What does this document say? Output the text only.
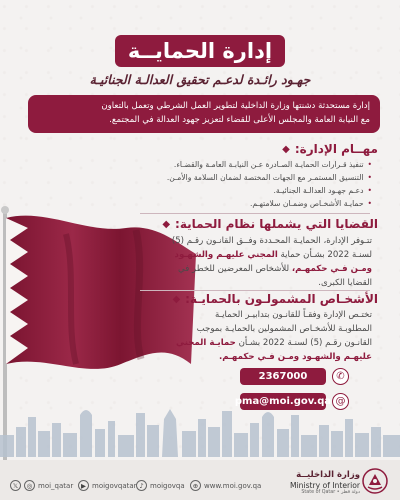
إدارة الحمايــة
جهـود رائـدة لدعـم تحقيق العدالـة الجنائيـة
إدارة مستحدثة دشنتها وزارة الداخلية لتطوير العمل الشرطي وتعمل بالتعاون
مع النيابة العامة والمجلس الأعلى للقضاء لتعزيز جهود العدالة في المجتمع.
◆ مهــام الإدارة:
•
تنفيذ قـرارات الحمايـة الصـادرة عـن النيابـة العامـة والقضـاء.
•
التنسيق المستمـر مع الجهات المختصة لضمان السلامة والأمـن.
•
دعـم جهـود العدالـة الجنائيـة.
•
حمايـة الأشخـاص وضمـان سلامتهـم.
◆ القضايا التي يشملها نظام الحماية:
تتـوفر الإدارة، الحمايـة المحـددة وفــق القانـون رقـم (5)
لسنـة 2022 بشـأن حماية المجني عليهـم والشهـود
ومـن فـي حكمهـم، للأشخاص المعرضين للخطر في
القضايا الكبرى.
◆ الأشخـاص المشمولـون بالحمايـة:
تختـص الإدارة وفقـاً للقانـون بتدابيـر الحمايـة
المطلوبـة للأشخـاص المشمولين بالحمايـة بموجب
القانـون رقـم (5) لسنـة 2022 بشـأن حمايـة المجني
عليهـم والشهـود ومـن فـي حكمهـم.
2367000	✆
pma@moi.gov.qa @
𝕏	◎ moi_qatar	▶ moigovqatar ♪ moigovqa	⊕ www.moi.gov.qa
وزارة الداخليــة
Ministry of Interior
State of Qatar • دولة قطر
